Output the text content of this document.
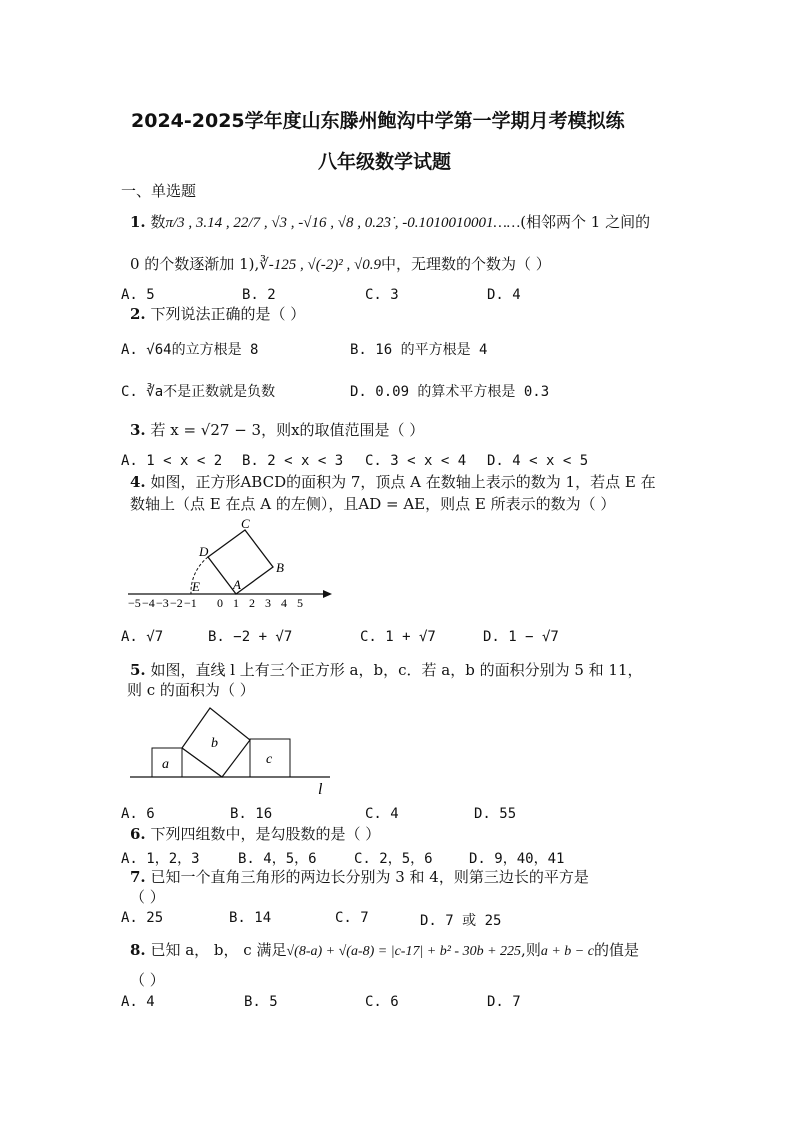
2024-2025学年度山东滕州鲍沟中学第一学期月考模拟练
八年级数学试题
一、单选题
1. 数π/3 , 3.14 , 22/7 , √3 , -√16 , √8 , 0.2̇3̇ , -0.1010010001……(相邻两个 1 之间的
0 的个数逐渐加 1),∛-125 , √(-2)² , √0.9中，无理数的个数为（ ）
A. 5	B. 2	C. 3	D. 4
2. 下列说法正确的是（ ）
A. √64的立方根是 8	B. 16 的平方根是 4
C. ∛a不是正数就是负数	D. 0.09 的算术平方根是 0.3
3. 若 x = √27 − 3，则x的取值范围是（ ）
A. 1 < x < 2 B. 2 < x < 3 C. 3 < x < 4 D. 4 < x < 5
4. 如图，正方形ABCD的面积为 7，顶点 A 在数轴上表示的数为 1，若点 E 在
数轴上（点 E 在点 A 的左侧），且AD = AE，则点 E 所表示的数为（ ）
C
B
D
E	A
−5 −4 −3 −2 −1 0 1 2 3 4 5
A. √7	B. −2 + √7	C. 1 + √7	D. 1 − √7
5. 如图，直线 l 上有三个正方形 a，b，c．若 a，b 的面积分别为 5 和 11，
则 c 的面积为（ ）
a
b
c
l
A. 6	B. 16	C. 4	D. 55
6. 下列四组数中，是勾股数的是（ ）
A. 1，2，3	B. 4，5，6	C. 2，5，6	D. 9，40，41
7. 已知一个直角三角形的两边长分别为 3 和 4，则第三边长的平方是
（ ）
A. 25	B. 14	C. 7	D. 7 或 25
8. 已知 a， b， c 满足√(8-a) + √(a-8) = |c-17| + b² - 30b + 225,则a + b − c的值是
（ ）
A. 4	B. 5	C. 6	D. 7
